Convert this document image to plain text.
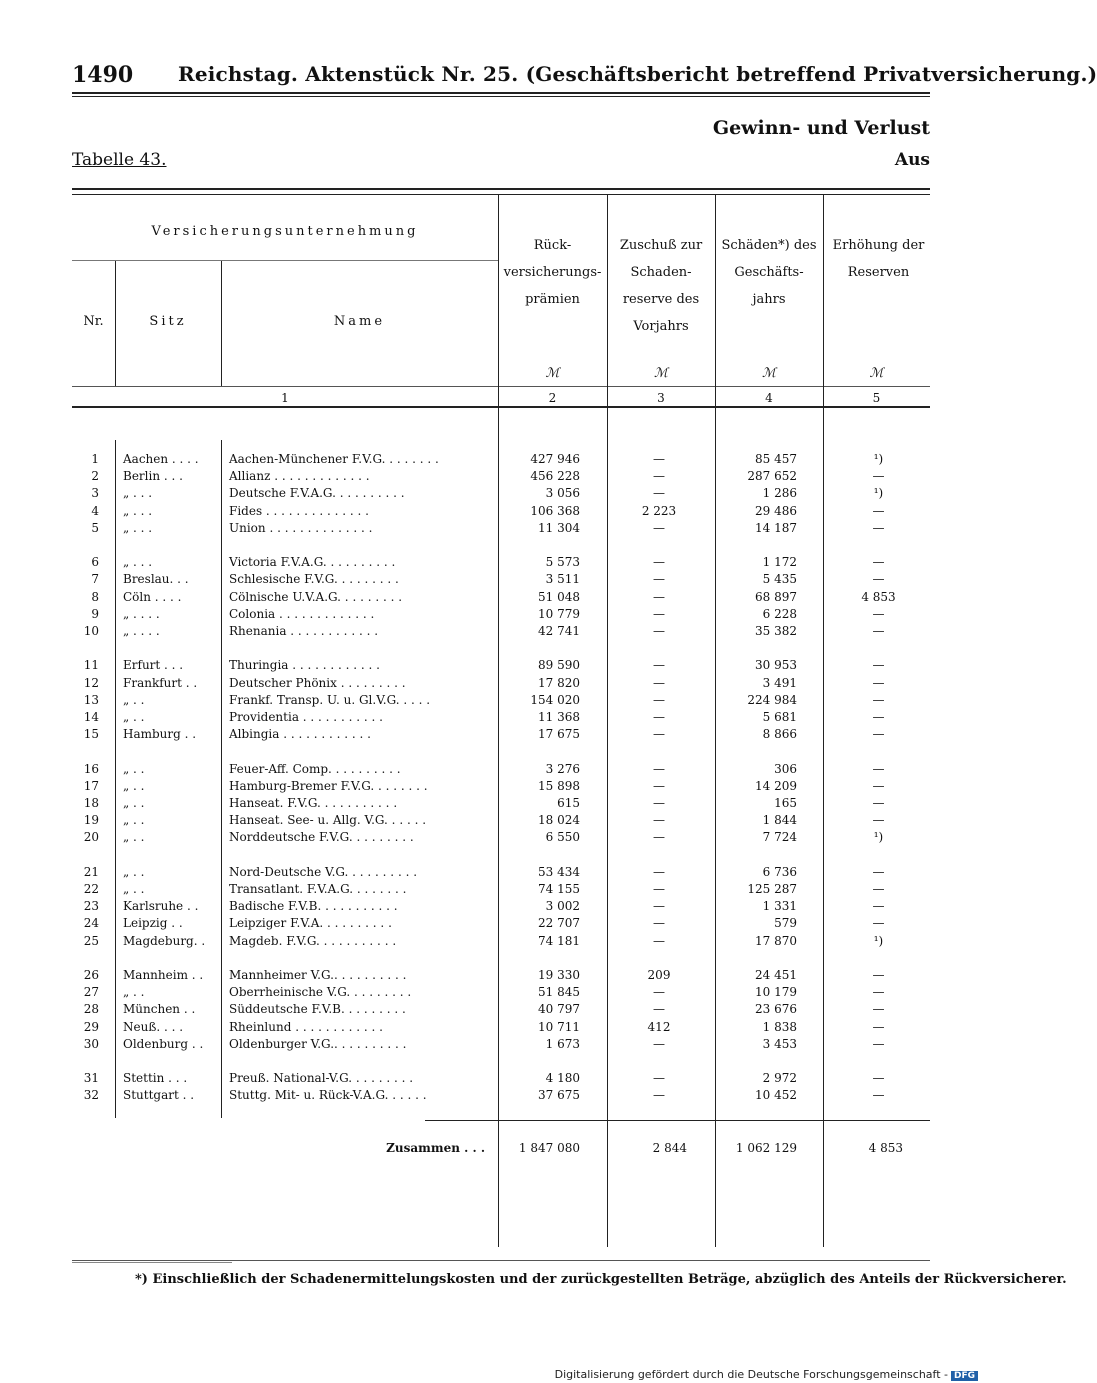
1490 Reichstag. Aktenstück Nr. 25. (Geschäftsbericht betreffend Privatversicherung.)
Gewinn- und Verlust
Aus
Tabelle 43.
Versicherungsunternehmung
Nr.	Sitz	Name
Rück- versicherungs- prämien
Zuschuß zur Schaden- reserve des Vorjahrs
Schäden*) des Geschäfts- jahrs
Erhöhung der Reserven
ℳ	ℳ	ℳ	ℳ
1	2	3	4	5
1 Aachen . . . .	Aachen-Münchener F.V.G. . . . . . . .	427 946	—	85 457	¹)
2 Berlin . . .	Allianz . . . . . . . . . . . . .	456 228	—	287 652	—
3 „ . . .	Deutsche F.V.A.G. . . . . . . . . .	3 056	—	1 286	¹)
4 „ . . .	Fides . . . . . . . . . . . . . .	106 368	2 223	29 486	—
5 „ . . .	Union . . . . . . . . . . . . . .	11 304	—	14 187	—
6 „ . . .	Victoria F.V.A.G. . . . . . . . . .	5 573	—	1 172	—
7 Breslau. . .	Schlesische F.V.G. . . . . . . . .	3 511	—	5 435	—
8 Cöln . . . .	Cölnische U.V.A.G. . . . . . . . .	51 048	—	68 897	4 853
9 „ . . . .	Colonia . . . . . . . . . . . . .	10 779	—	6 228	—
10 „ . . . .	Rhenania . . . . . . . . . . . .	42 741	—	35 382	—
11 Erfurt . . .	Thuringia . . . . . . . . . . . .	89 590	—	30 953	—
12 Frankfurt . .	Deutscher Phönix . . . . . . . . .	17 820	—	3 491	—
13 „ . .	Frankf. Transp. U. u. Gl.V.G. . . . .	154 020	—	224 984	—
14 „ . .	Providentia . . . . . . . . . . .	11 368	—	5 681	—
15 Hamburg . .	Albingia . . . . . . . . . . . .	17 675	—	8 866	—
16 „ . .	Feuer-Aff. Comp. . . . . . . . . .	3 276	—	306	—
17 „ . .	Hamburg-Bremer F.V.G. . . . . . . .	15 898	—	14 209	—
18 „ . .	Hanseat. F.V.G. . . . . . . . . . .	615	—	165	—
19 „ . .	Hanseat. See- u. Allg. V.G. . . . . .	18 024	—	1 844	—
20 „ . .	Norddeutsche F.V.G. . . . . . . . .	6 550	—	7 724	¹)
21 „ . .	Nord-Deutsche V.G. . . . . . . . . .	53 434	—	6 736	—
22 „ . .	Transatlant. F.V.A.G. . . . . . . .	74 155	—	125 287	—
23 Karlsruhe . .	Badische F.V.B. . . . . . . . . . .	3 002	—	1 331	—
24 Leipzig . .	Leipziger F.V.A. . . . . . . . . .	22 707	—	579	—
25 Magdeburg. .	Magdeb. F.V.G. . . . . . . . . . .	74 181	—	17 870	¹)
26 Mannheim . .	Mannheimer V.G.. . . . . . . . . .	19 330	209	24 451	—
27 „ . .	Oberrheinische V.G. . . . . . . . .	51 845	—	10 179	—
28 München . .	Süddeutsche F.V.B. . . . . . . . .	40 797	—	23 676	—
29 Neuß. . . .	Rheinlund . . . . . . . . . . . .	10 711	412	1 838	—
30 Oldenburg . .	Oldenburger V.G.. . . . . . . . . .	1 673	—	3 453	—
31 Stettin . . .	Preuß. National-V.G. . . . . . . . .	4 180	—	2 972	—
32 Stuttgart . .	Stuttg. Mit- u. Rück-V.A.G. . . . . .	37 675	—	10 452	—
Zusammen . . .	1 847 080	2 844	1 062 129	4 853
*) Einschließlich der Schadenermittelungskosten und der zurückgestellten Beträge, abzüglich des Anteils der Rückversicherer.
Digitalisierung gefördert durch die Deutsche Forschungsgemeinschaft - DFG
